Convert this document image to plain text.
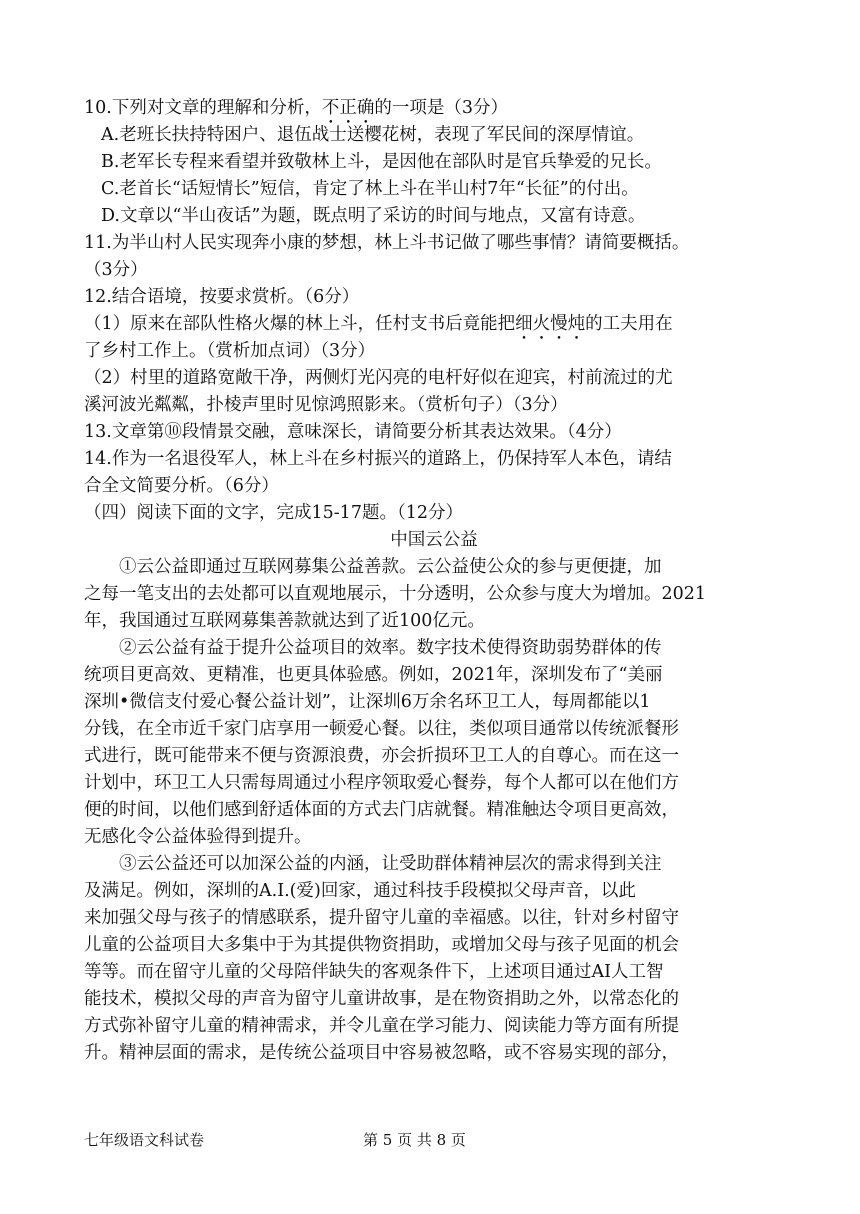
10.下列对文章的理解和分析，不正确的一项是（3分）
A.老班长扶持特困户、退伍战士送樱花树，表现了军民间的深厚情谊。
B.老军长专程来看望并致敬林上斗，是因他在部队时是官兵挚爱的兄长。
C.老首长“话短情长”短信，肯定了林上斗在半山村7年“长征”的付出。
D.文章以“半山夜话”为题，既点明了采访的时间与地点，又富有诗意。
11.为半山村人民实现奔小康的梦想，林上斗书记做了哪些事情？请简要概括。
（3分）
12.结合语境，按要求赏析。（6分）
（1）原来在部队性格火爆的林上斗，任村支书后竟能把细火慢炖的工夫用在
了乡村工作上。（赏析加点词）（3分）
（2）村里的道路宽敞干净，两侧灯光闪亮的电杆好似在迎宾，村前流过的尤
溪河波光粼粼，扑棱声里时见惊鸿照影来。（赏析句子）（3分）
13.文章第⑩段情景交融，意味深长，请简要分析其表达效果。（4分）
14.作为一名退役军人，林上斗在乡村振兴的道路上，仍保持军人本色，请结
合全文简要分析。（6分）
（四）阅读下面的文字，完成15-17题。（12分）
中国云公益
①云公益即通过互联网募集公益善款。云公益使公众的参与更便捷，加
之每一笔支出的去处都可以直观地展示，十分透明，公众参与度大为增加。2021
年，我国通过互联网募集善款就达到了近100亿元。
②云公益有益于提升公益项目的效率。数字技术使得资助弱势群体的传
统项目更高效、更精准，也更具体验感。例如，2021年，深圳发布了“美丽
深圳•微信支付爱心餐公益计划”，让深圳6万余名环卫工人，每周都能以1
分钱，在全市近千家门店享用一顿爱心餐。以往，类似项目通常以传统派餐形
式进行，既可能带来不便与资源浪费，亦会折损环卫工人的自尊心。而在这一
计划中，环卫工人只需每周通过小程序领取爱心餐券，每个人都可以在他们方
便的时间，以他们感到舒适体面的方式去门店就餐。精准触达令项目更高效，
无感化令公益体验得到提升。
③云公益还可以加深公益的内涵，让受助群体精神层次的需求得到关注
及满足。例如，深圳的A.I.(爱)回家，通过科技手段模拟父母声音，以此
来加强父母与孩子的情感联系，提升留守儿童的幸福感。以往，针对乡村留守
儿童的公益项目大多集中于为其提供物资捐助，或增加父母与孩子见面的机会
等等。而在留守儿童的父母陪伴缺失的客观条件下，上述项目通过AI人工智
能技术，模拟父母的声音为留守儿童讲故事，是在物资捐助之外，以常态化的
方式弥补留守儿童的精神需求，并令儿童在学习能力、阅读能力等方面有所提
升。精神层面的需求，是传统公益项目中容易被忽略，或不容易实现的部分，
七年级语文科试卷	第 5 页 共 8 页
